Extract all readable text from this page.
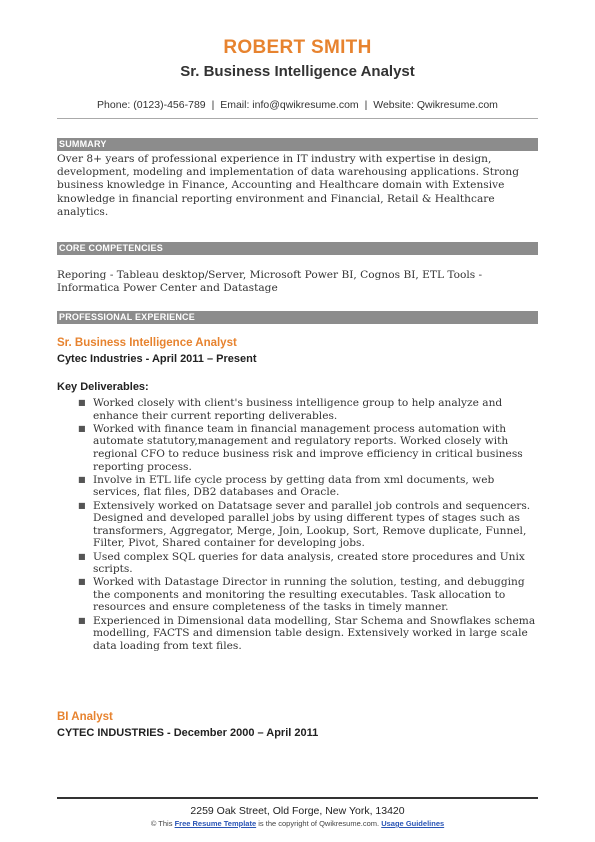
ROBERT SMITH
Sr. Business Intelligence Analyst
Phone: (0123)-456-789 | Email: info@qwikresume.com | Website: Qwikresume.com
SUMMARY
Over 8+ years of professional experience in IT industry with expertise in design, development, modeling and implementation of data warehousing applications. Strong business knowledge in Finance, Accounting and Healthcare domain with Extensive knowledge in financial reporting environment and Financial, Retail & Healthcare analytics.
CORE COMPETENCIES
Reporing - Tableau desktop/Server, Microsoft Power BI, Cognos BI, ETL Tools - Informatica Power Center and Datastage
PROFESSIONAL EXPERIENCE
Sr. Business Intelligence Analyst
Cytec Industries - April 2011 – Present
Key Deliverables:
■ Worked closely with client's business intelligence group to help analyze and enhance their current reporting deliverables.
■ Worked with finance team in financial management process automation with automate statutory,management and regulatory reports. Worked closely with regional CFO to reduce business risk and improve efficiency in critical business reporting process.
■ Involve in ETL life cycle process by getting data from xml documents, web services, flat files, DB2 databases and Oracle.
■ Extensively worked on Datatsage sever and parallel job controls and sequencers. Designed and developed parallel jobs by using different types of stages such as transformers, Aggregator, Merge, Join, Lookup, Sort, Remove duplicate, Funnel, Filter, Pivot, Shared container for developing jobs.
■ Used complex SQL queries for data analysis, created store procedures and Unix scripts.
■ Worked with Datastage Director in running the solution, testing, and debugging the components and monitoring the resulting executables. Task allocation to resources and ensure completeness of the tasks in timely manner.
■ Experienced in Dimensional data modelling, Star Schema and Snowflakes schema modelling, FACTS and dimension table design. Extensively worked in large scale data loading from text files.
BI Analyst
CYTEC INDUSTRIES - December 2000 – April 2011
2259 Oak Street, Old Forge, New York, 13420
© This Free Resume Template is the copyright of Qwikresume.com. Usage Guidelines
